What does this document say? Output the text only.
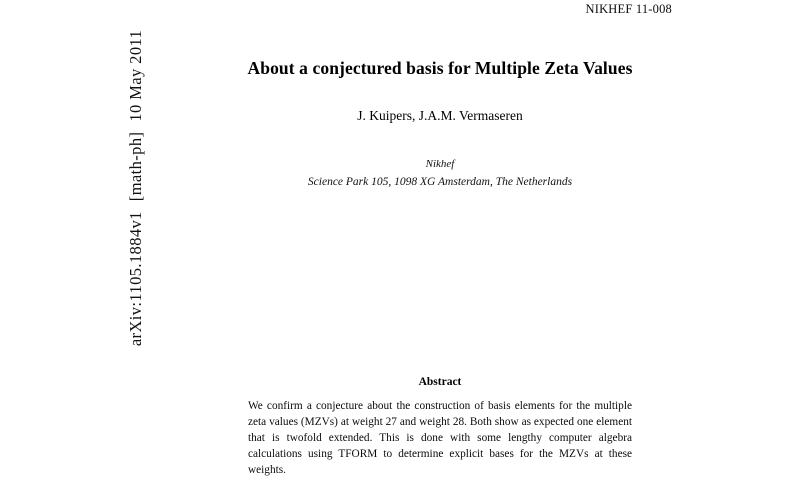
NIKHEF 11-008
arXiv:1105.1884v1[math-ph]10 May 2011	About a conjectured basis for Multiple Zeta Values
J. Kuipers, J.A.M. Vermaseren
Nikhef
Science Park 105, 1098 XG Amsterdam, The Netherlands
Abstract

We confirm a conjecture about the construction of basis elements for the multiple zeta values (MZVs) at weight 27 and weight 28. Both show as expected one element that is twofold extended. This is done with some lengthy computer algebra calculations using TFORM to determine explicit bases for the MZVs at these weights.
